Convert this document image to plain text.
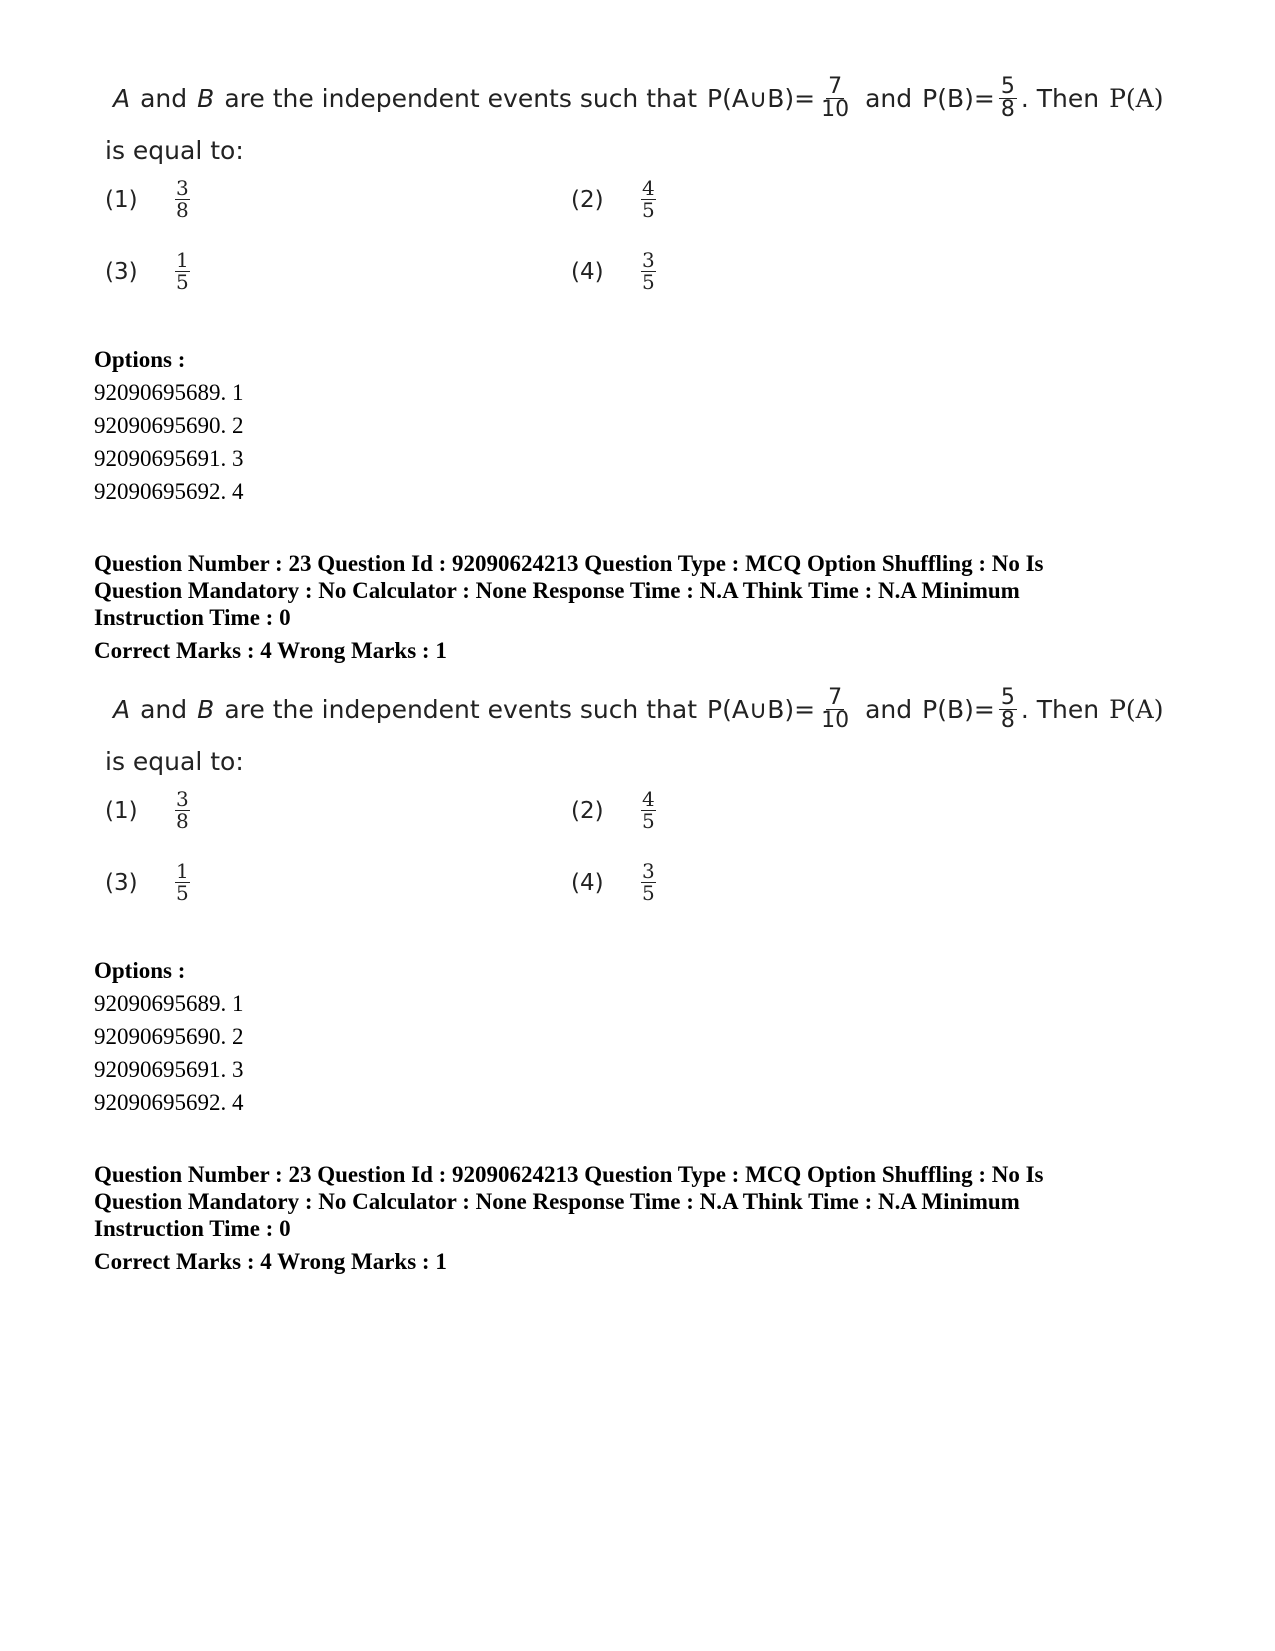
A and B are the independent events such that P(A∪B)= $\frac{7}{10}$ and $P(B)= \frac{5}{8}$ . Then P(A)
is equal to:
(1)	$\frac{3}{8}$	(2)	$\frac{4}{5}$
(3)	$\frac{1}{5}$	(4)	$\frac{3}{5}$
Options :
92090695689. 1
92090695690. 2
92090695691. 3
92090695692. 4
Question Number : 23 Question Id : 92090624213 Question Type : MCQ Option Shuffling : No Is
Question Mandatory : No Calculator : None Response Time : N.A Think Time : N.A Minimum
Instruction Time : 0
Correct Marks : 4 Wrong Marks : 1
A and B are the independent events such that P(A∪B)= $\frac{7}{10}$ and $P(B)= \frac{5}{8}$ . Then P(A)
is equal to:
(1)	$\frac{3}{8}$	(2)	$\frac{4}{5}$
(3)	$\frac{1}{5}$	(4)	$\frac{3}{5}$
Options :
92090695689. 1
92090695690. 2
92090695691. 3
92090695692. 4
Question Number : 23 Question Id : 92090624213 Question Type : MCQ Option Shuffling : No Is
Question Mandatory : No Calculator : None Response Time : N.A Think Time : N.A Minimum
Instruction Time : 0
Correct Marks : 4 Wrong Marks : 1
